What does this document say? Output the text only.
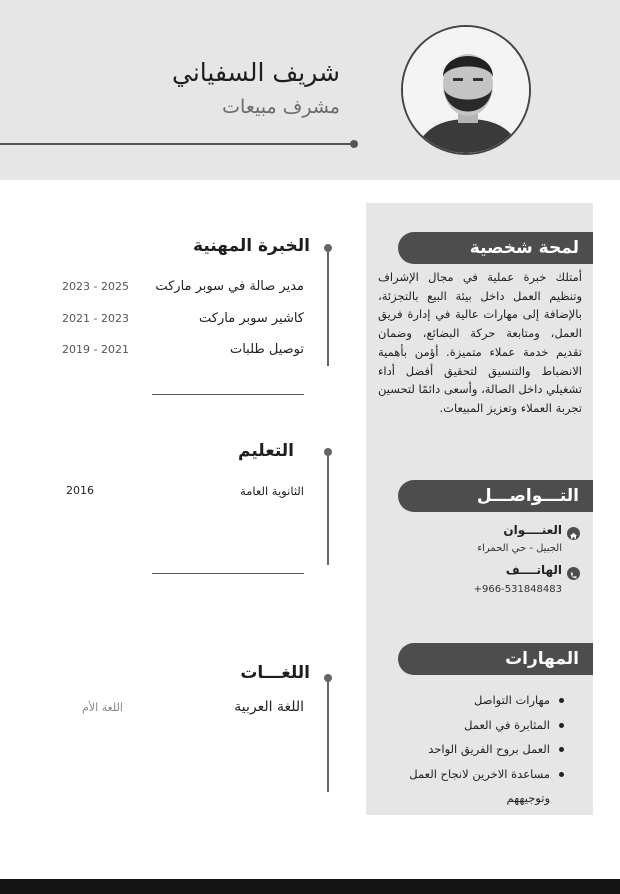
شريف السفياني
مشرف مبيعات
لمحة شخصية
أمتلك خبرة عملية في مجال الإشراف وتنظيم العمل داخل بيئة البيع بالتجزئة، بالإضافة إلى مهارات عالية في إدارة فريق العمل، ومتابعة حركة البضائع، وضمان تقديم خدمة عملاء متميزة. أؤمن بأهمية الانضباط والتنسيق لتحقيق أفضل أداء تشغيلي داخل الصالة، وأسعى دائمًا لتحسين تجربة العملاء وتعزيز المبيعات.
التـــواصـــل
العنــــوان
الجبيل - حي الحمراء
الهاتــــف
+966-531848483
المهارات
مهارات التواصل
المثابرة في العمل
العمل بروح الفريق الواحد
مساعدة الاخرين لانجاح العمل وتوجيههم
الخبرة المهنية
مدير صالة في سوبر ماركت
2023 - 2025
كاشير سوبر ماركت
2021 - 2023
توصيل طلبات
2019 - 2021
التعليم
الثانوية العامة
2016
اللغـــات
اللغة العربية
اللغة الأم
